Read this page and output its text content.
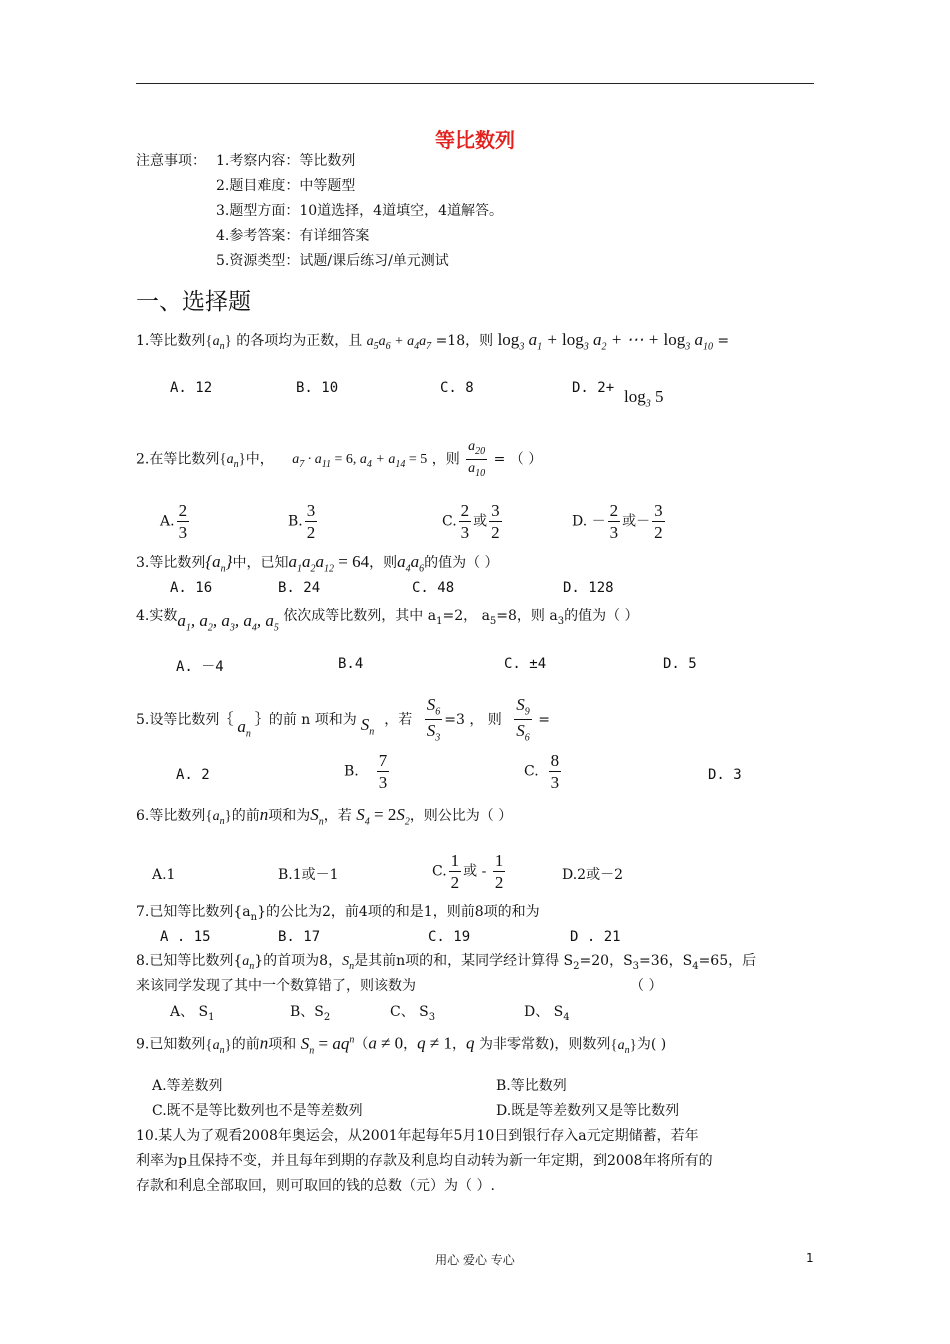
等比数列
注意事项： 1.考察内容：等比数列
2.题目难度：中等题型
3.题型方面：10道选择，4道填空，4道解答。
4.参考答案：有详细答案
5.资源类型：试题/课后练习/单元测试
一、选择题
1.等比数列$\{a_n\}$ 的各项均为正数，且 $a_5a_6 + a_4a_7 =18$，则 $\log_3 a_1 + \log_3 a_2$ + ⋯ + $\log_3 a_{10}$ =
A. 12	B. 10	C. 8	D. $2+ \log_3 5$
2.在等比数列$\{a_n\}$中， $a_7 \cdot a_{11} = 6$, $a_4 + a_{14} = 5$ ，则 $\frac{a_{20}}{a_{10}}$ = （ ）
A. $\frac{2}{3}$	B. $\frac{3}{2}$	C. $\frac{2}{3}$ 或 $\frac{3}{2}$	D. － $\frac{2}{3}$ 或－ $\frac{3}{2}$
3.等比数列$\{a_n\}$中，已知$a_1a_2a_{12} = 64$，则$a_4a_6$的值为（ ）
A. 16	B. 24	C. 48	D. 128
4.实数$a_1$, $a_2$, $a_3$, $a_4$, $a_5$ 依次成等比数列，其中 $a_1=2$， $a_5=8$，则 $a_3$的值为（ ）
A. －4	B.4	C. ±4	D. 5
5.设等比数列｛ $a_n\}$的前 n 项和为 $S_n$，若 $\frac{S_6}{S_3} =3$ ， 则 $\frac{S_9}{S_6}$ =
A. 2	B. $\frac{7}{3}$	C. $\frac{8}{3}$	D. 3
6.等比数列$\{a_n\}$的前n项和为$S_n$，若 $S_4 = 2S_2$，则公比为（ ）
A.1	B.1或－1	C. $\frac{1}{2}$ 或 - $\frac{1}{2}$	D.2或－2
7.已知等比数列$\{a_n\}$的公比为2，前4项的和是1，则前8项的和为
A . 15	B. 17	C. 19	D . 21
8.已知等比数列$\{a_n\}$的首项为8，$S_n$是其前n项的和，某同学经计算得 $S_2=20$，$S_3=36$，$S_4=65$，后
来该同学发现了其中一个数算错了，则该数为	（ ）
A、 $S_1$	B、$S_2$	C、 $S_3$	D、 $S_4$
9.已知数列$\{a_n\}$的前n项和 $S_n = aq^n(a \ne 0$，q ≠ 1，q 为非零常数)，则数列$\{a_n\}$为( )
A.等差数列	B.等比数列
C.既不是等比数列也不是等差数列	D.既是等差数列又是等比数列
10.某人为了观看2008年奥运会，从2001年起每年5月10日到银行存入a元定期储蓄，若年
利率为p且保持不变，并且每年到期的存款及利息均自动转为新一年定期，到2008年将所有的
存款和利息全部取回，则可取回的钱的总数（元）为（ ）.
用心 爱心 专心	1
